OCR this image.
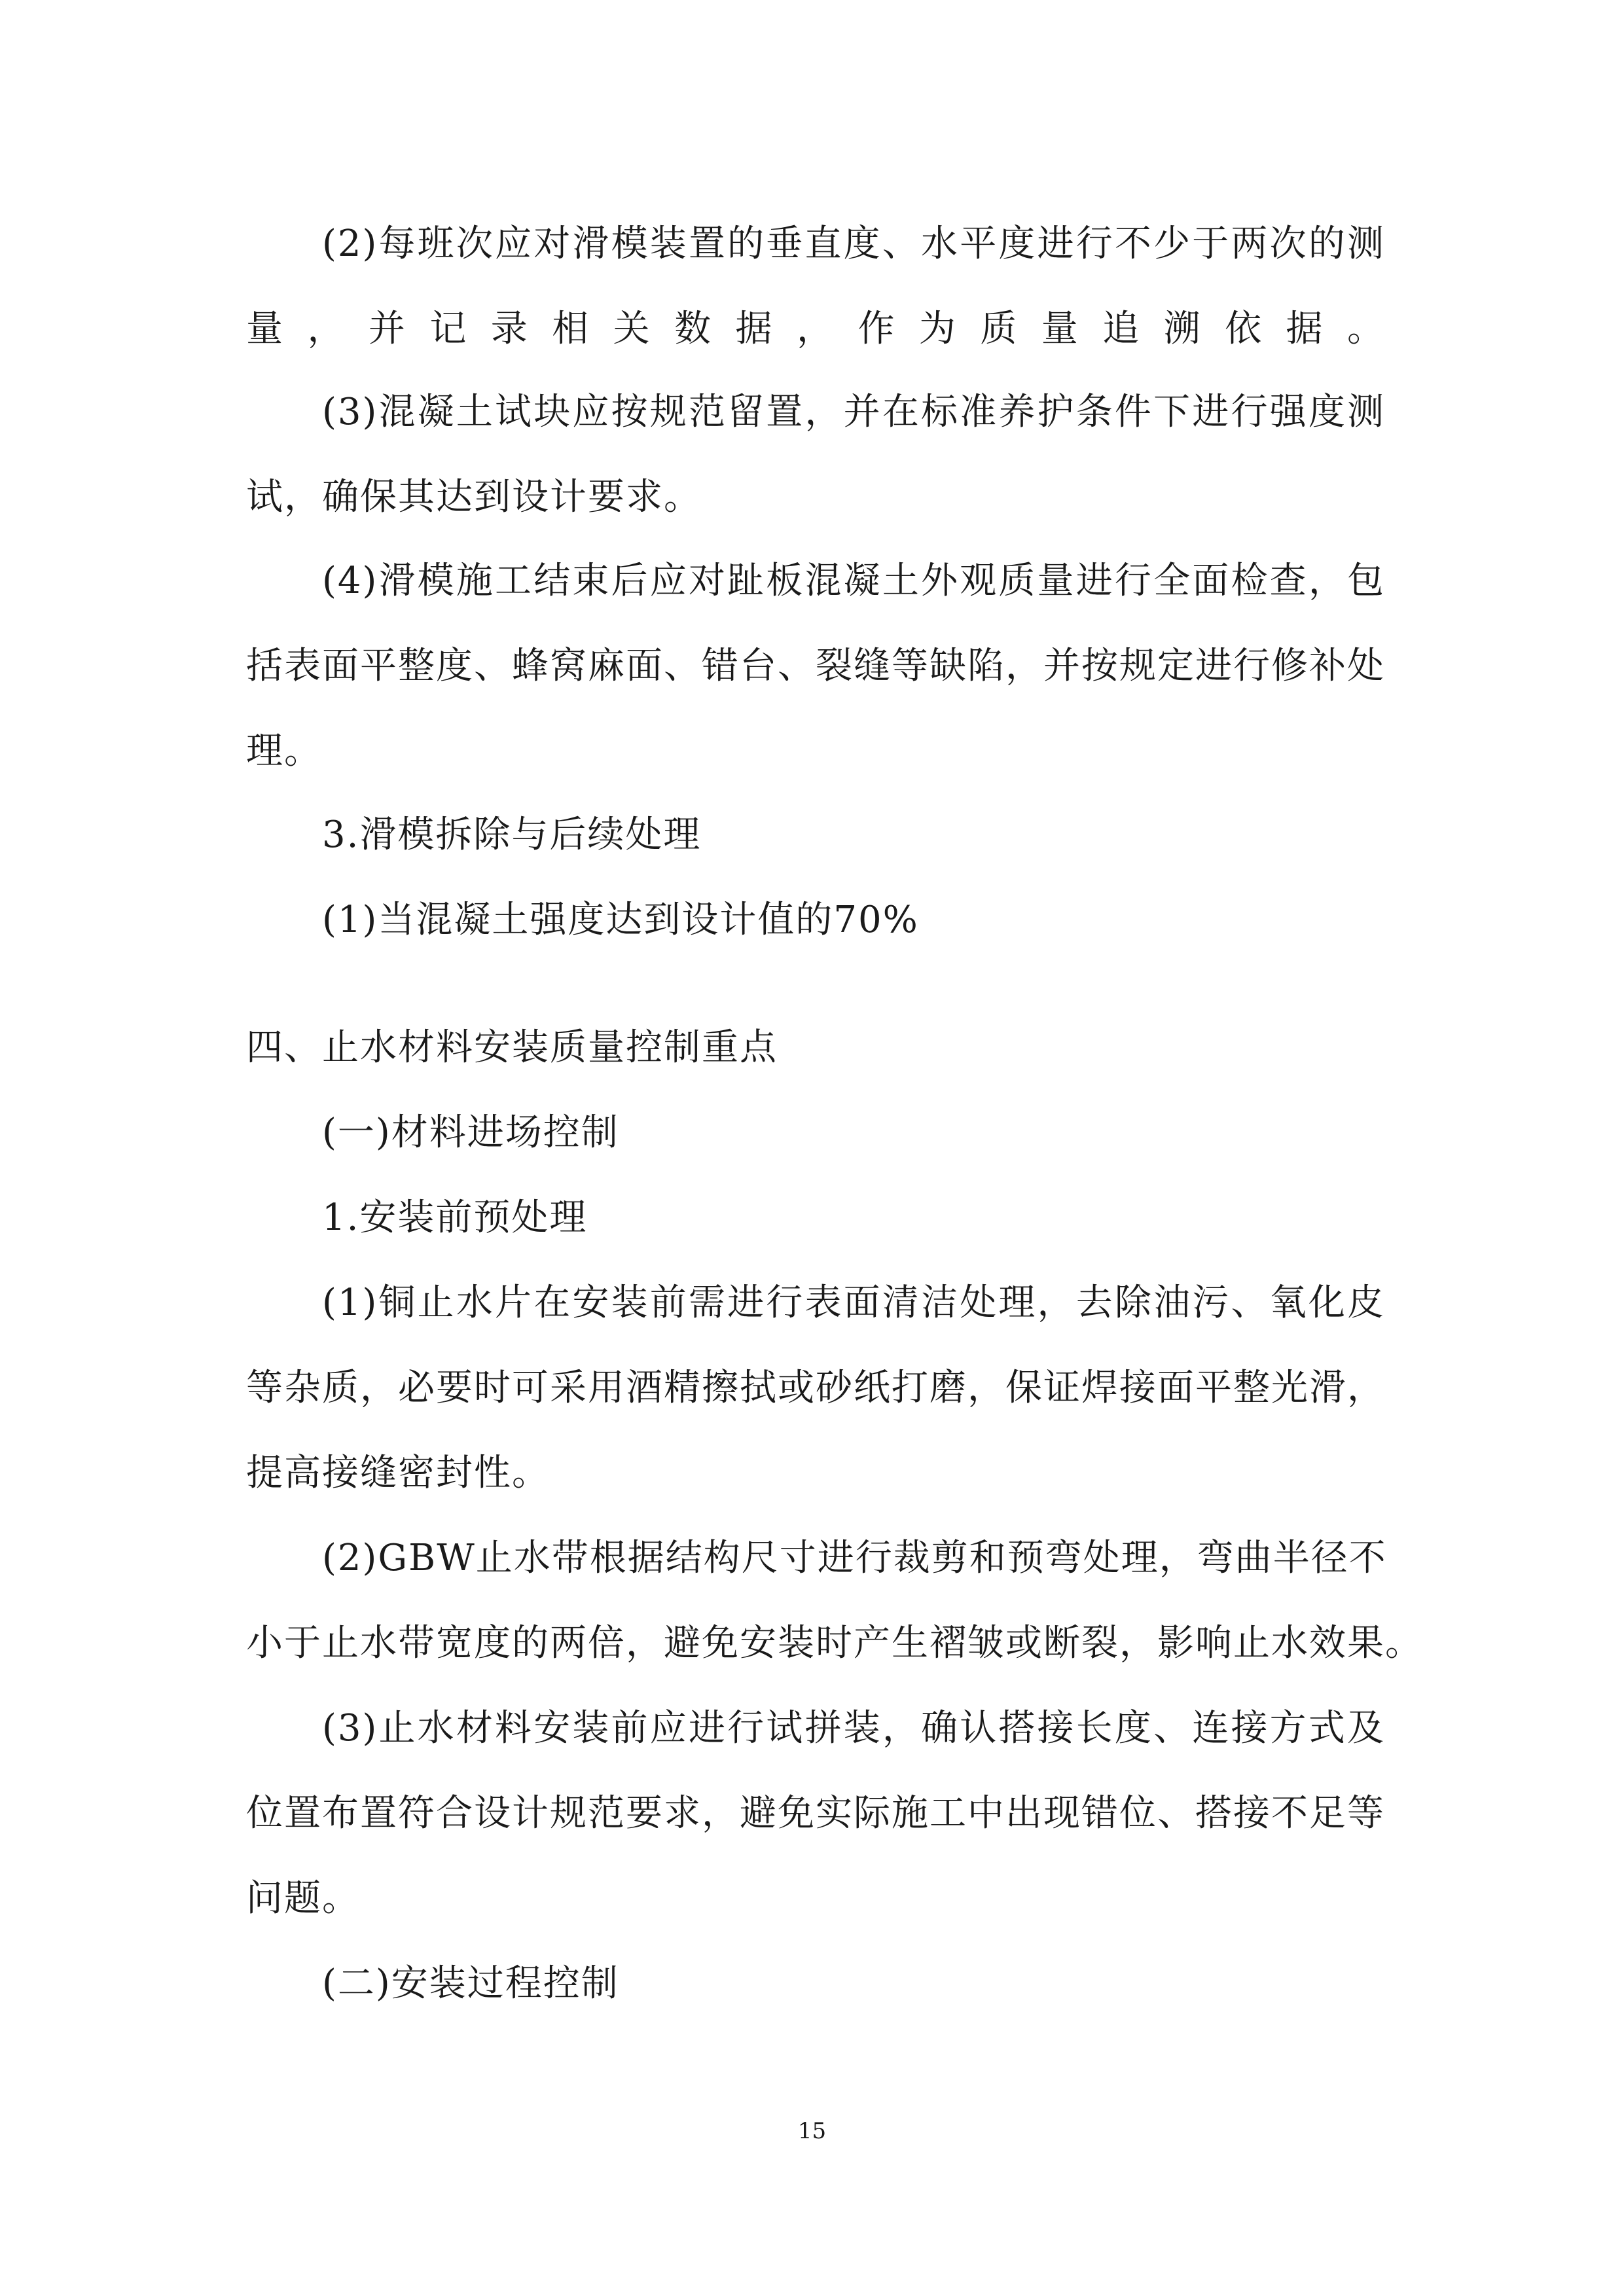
(2)每班次应对滑模装置的垂直度、水平度进行不少于两次的测
量，并记录相关数据，作为质量追溯依据。
(3)混凝土试块应按规范留置，并在标准养护条件下进行强度测
试，确保其达到设计要求。
(4)滑模施工结束后应对趾板混凝土外观质量进行全面检查，包
括表面平整度、蜂窝麻面、错台、裂缝等缺陷，并按规定进行修补处
理。
3.滑模拆除与后续处理
(1)当混凝土强度达到设计值的70%
四、止水材料安装质量控制重点
(一)材料进场控制
1.安装前预处理
(1)铜止水片在安装前需进行表面清洁处理，去除油污、氧化皮
等杂质，必要时可采用酒精擦拭或砂纸打磨，保证焊接面平整光滑，
提高接缝密封性。
(2)GBW止水带根据结构尺寸进行裁剪和预弯处理，弯曲半径不
小于止水带宽度的两倍，避免安装时产生褶皱或断裂，影响止水效果。
(3)止水材料安装前应进行试拼装，确认搭接长度、连接方式及
位置布置符合设计规范要求，避免实际施工中出现错位、搭接不足等
问题。
(二)安装过程控制
15
